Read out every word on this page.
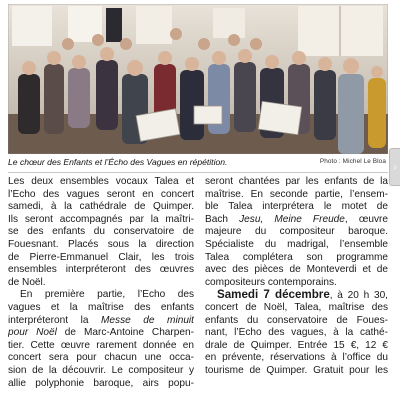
Le chœur des Enfants et l’Écho des Vagues en répétition.	Photo : Michel Le Bloa ›
Les deux ensembles vocaux Talea et
l’Écho des vagues seront en concert
samedi, à la cathédrale de Quimper.
Ils seront accompagnés par la maîtri-
se des enfants du conservatoire de
Fouesnant. Placés sous la direction
de Pierre-Emmanuel Clair, les trois
ensembles interpréteront des œuvres
de Noël.
En première partie, l’Écho des
vagues et la maîtrise des enfants
interpréteront la Messe de minuit
pour Noël de Marc-Antoine Charpen-
tier. Cette œuvre rarement donnée en
concert sera pour chacun une occa-
sion de la découvrir. Le compositeur y
allie polyphonie baroque, airs popu-
seront chantées par les enfants de la
maîtrise. En seconde partie, l’ensem-
ble Talea interprétera le motet de
Bach Jesu, Meine Freude, œuvre
majeure du compositeur baroque.
Spécialiste du madrigal, l’ensemble
Talea complétera son programme
avec des pièces de Monteverdi et de
compositeurs contemporains.
Samedi 7 décembre, à 20 h 30,
concert de Noël, Talea, maîtrise des
enfants du conservatoire de Foues-
nant, l’Écho des vagues, à la cathé-
drale de Quimper. Entrée 15 €, 12 €
en prévente, réservations à l’office du
tourisme de Quimper. Gratuit pour les
